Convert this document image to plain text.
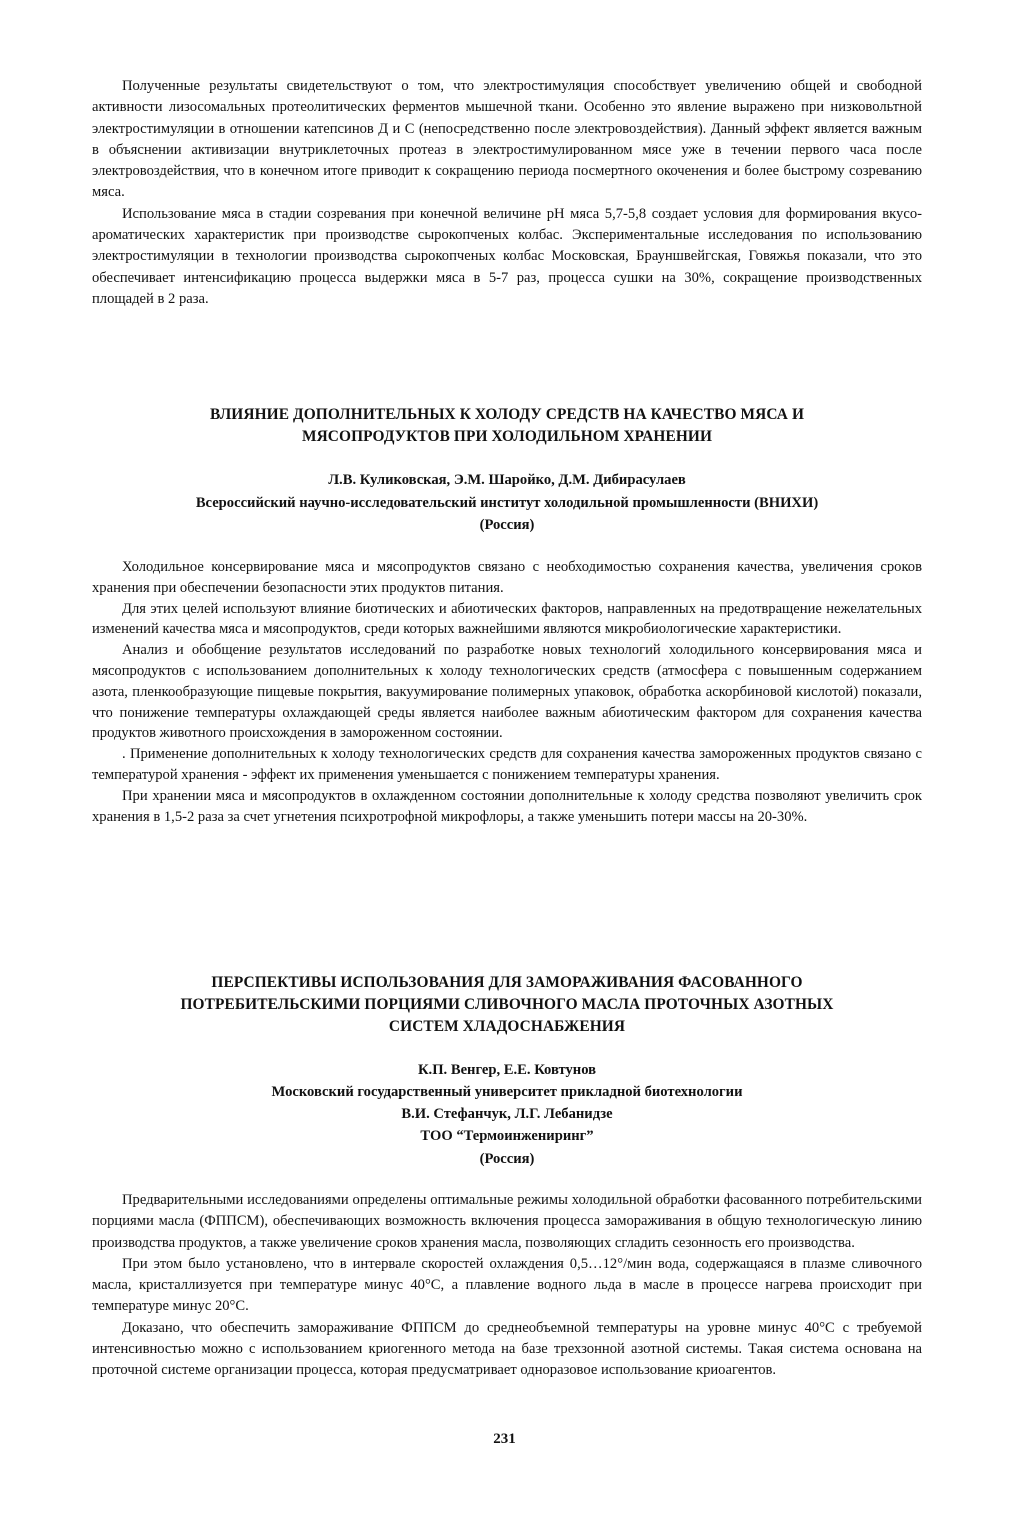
Полученные результаты свидетельствуют о том, что электростимуляция способствует увеличению общей и свободной активности лизосомальных протеолитических ферментов мышечной ткани. Особенно это явление выражено при низковольтной электростимуляции в отношении катепсинов Д и С (непосредственно после электровоздействия). Данный эффект является важным в объяснении активизации внутриклеточных протеаз в электростимулированном мясе уже в течении первого часа после электровоздействия, что в конечном итоге приводит к сокращению периода посмертного окоченения и более быстрому созреванию мяса.

Использование мяса в стадии созревания при конечной величине pH мяса 5,7-5,8 создает условия для формирования вкусо-ароматических характеристик при производстве сырокопченых колбас. Экспериментальные исследования по использованию электростимуляции в технологии производства сырокопченых колбас Московская, Брауншвейгская, Говяжья показали, что это обеспечивает интенсификацию процесса выдержки мяса в 5-7 раз, процесса сушки на 30%, сокращение производственных площадей в 2 раза.

ВЛИЯНИЕ ДОПОЛНИТЕЛЬНЫХ К ХОЛОДУ СРЕДСТВ НА КАЧЕСТВО МЯСА И

МЯСОПРОДУКТОВ ПРИ ХОЛОДИЛЬНОМ ХРАНЕНИИ

Л.В. Куликовская, Э.М. Шаройко, Д.М. Дибирасулаев

Всероссийский научно-исследовательский институт холодильной промышленности (ВНИХИ)

(Россия)

Холодильное консервирование мяса и мясопродуктов связано с необходимостью сохранения качества, увеличения сроков хранения при обеспечении безопасности этих продуктов питания.

Для этих целей используют влияние биотических и абиотических факторов, направленных на предотвращение нежелательных изменений качества мяса и мясопродуктов, среди которых важнейшими являются микробиологические характеристики.

Анализ и обобщение результатов исследований по разработке новых технологий холодильного консервирования мяса и мясопродуктов с использованием дополнительных к холоду технологических средств (атмосфера с повышенным содержанием азота, пленкообразующие пищевые покрытия, вакуумирование полимерных упаковок, обработка аскорбиновой кислотой) показали, что понижение температуры охлаждающей среды является наиболее важным абиотическим фактором для сохранения качества продуктов животного происхождения в замороженном состоянии.

. Применение дополнительных к холоду технологических средств для сохранения качества замороженных продуктов связано с температурой хранения - эффект их применения уменьшается с понижением температуры хранения.

При хранении мяса и мясопродуктов в охлажденном состоянии дополнительные к холоду средства позволяют увеличить срок хранения в 1,5-2 раза за счет угнетения психротрофной микрофлоры, а также уменьшить потери массы на 20-30%.

ПЕРСПЕКТИВЫ ИСПОЛЬЗОВАНИЯ ДЛЯ ЗАМОРАЖИВАНИЯ ФАСОВАННОГО

ПОТРЕБИТЕЛЬСКИМИ ПОРЦИЯМИ СЛИВОЧНОГО МАСЛА ПРОТОЧНЫХ АЗОТНЫХ

СИСТЕМ ХЛАДОСНАБЖЕНИЯ

К.П. Венгер, Е.Е. Ковтунов

Московский государственный университет прикладной биотехнологии

В.И. Стефанчук, Л.Г. Лебанидзе

ТОО “Термоинжениринг”

(Россия)

Предварительными исследованиями определены оптимальные режимы холодильной обработки фасованного потребительскими порциями масла (ФППСМ), обеспечивающих возможность включения процесса замораживания в общую технологическую линию производства продуктов, а также увеличение сроков хранения масла, позволяющих сгладить сезонность его производства.

При этом было установлено, что в интервале скоростей охлаждения 0,5…12°/мин вода, содержащаяся в плазме сливочного масла, кристаллизуется при температуре минус 40°С, а плавление водного льда в масле в процессе нагрева происходит при температуре минус 20°С.

Доказано, что обеспечить замораживание ФППСМ до среднеобъемной температуры на уровне минус 40°С с требуемой интенсивностью можно с использованием криогенного метода на базе трехзонной азотной системы. Такая система основана на проточной системе организации процесса, которая предусматривает одноразовое использование криоагентов.

231
